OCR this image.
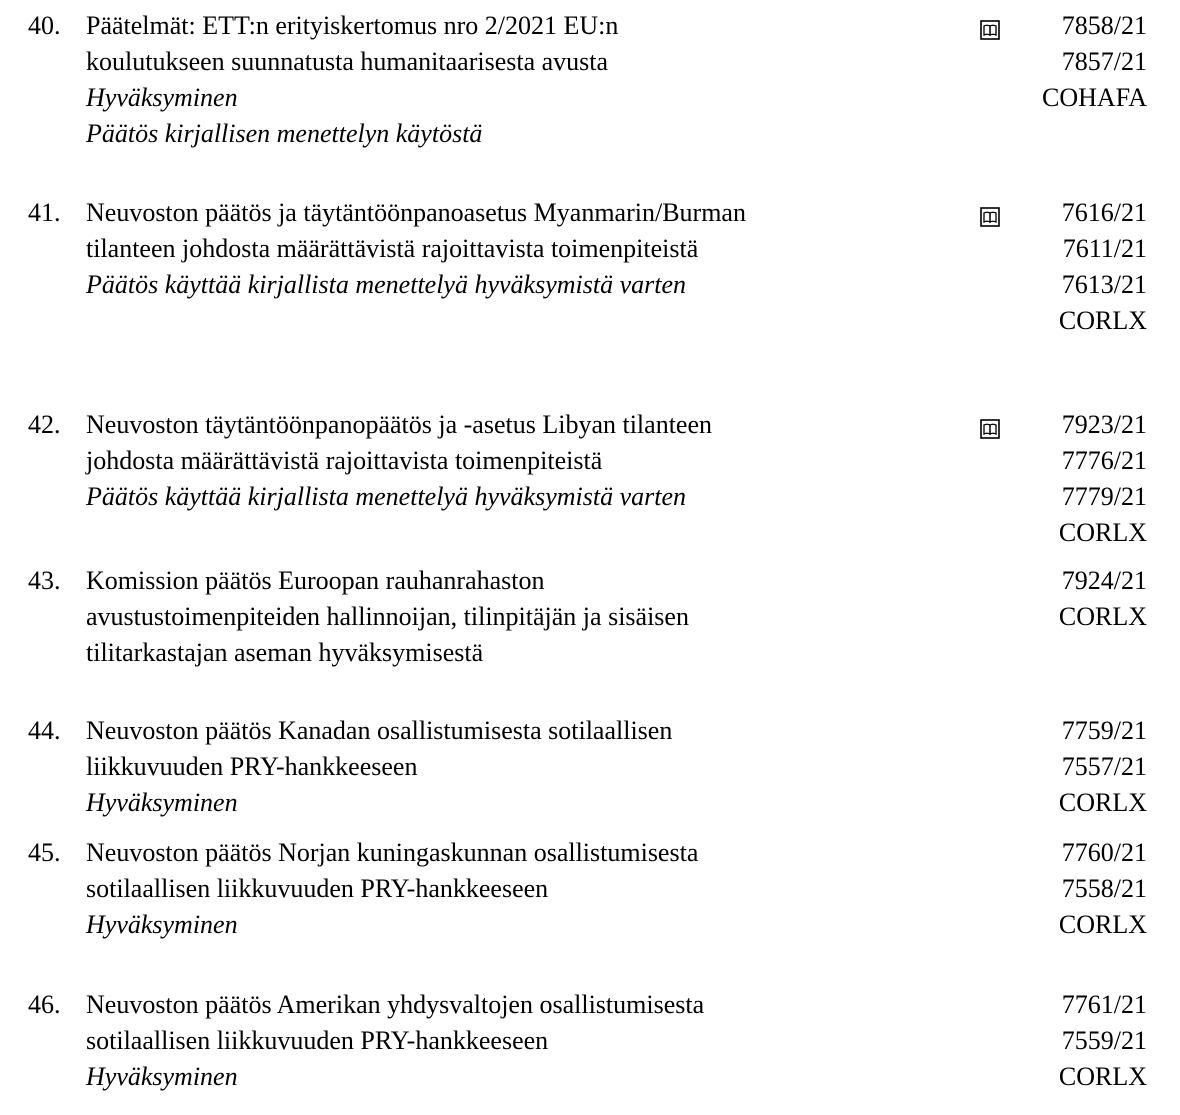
40. Päätelmät: ETT:n erityiskertomus nro 2/2021 EU:n
koulutukseen suunnatusta humanitaarisesta avusta
Hyväksyminen
Päätös kirjallisen menettelyn käytöstä
7858/21
7857/21
COHAFA
41. Neuvoston päätös ja täytäntöönpanoasetus Myanmarin/Burman
tilanteen johdosta määrättävistä rajoittavista toimenpiteistä
Päätös käyttää kirjallista menettelyä hyväksymistä varten
7616/21
7611/21
7613/21
CORLX
42. Neuvoston täytäntöönpanopäätös ja -asetus Libyan tilanteen
johdosta määrättävistä rajoittavista toimenpiteistä
Päätös käyttää kirjallista menettelyä hyväksymistä varten
7923/21
7776/21
7779/21
CORLX
43. Komission päätös Euroopan rauhanrahaston
avustustoimenpiteiden hallinnoijan, tilinpitäjän ja sisäisen
tilitarkastajan aseman hyväksymisestä
7924/21
CORLX
44. Neuvoston päätös Kanadan osallistumisesta sotilaallisen
liikkuvuuden PRY-hankkeeseen
Hyväksyminen
7759/21
7557/21
CORLX
45. Neuvoston päätös Norjan kuningaskunnan osallistumisesta
sotilaallisen liikkuvuuden PRY-hankkeeseen
Hyväksyminen
7760/21
7558/21
CORLX
46. Neuvoston päätös Amerikan yhdysvaltojen osallistumisesta
sotilaallisen liikkuvuuden PRY-hankkeeseen
Hyväksyminen
7761/21
7559/21
CORLX
